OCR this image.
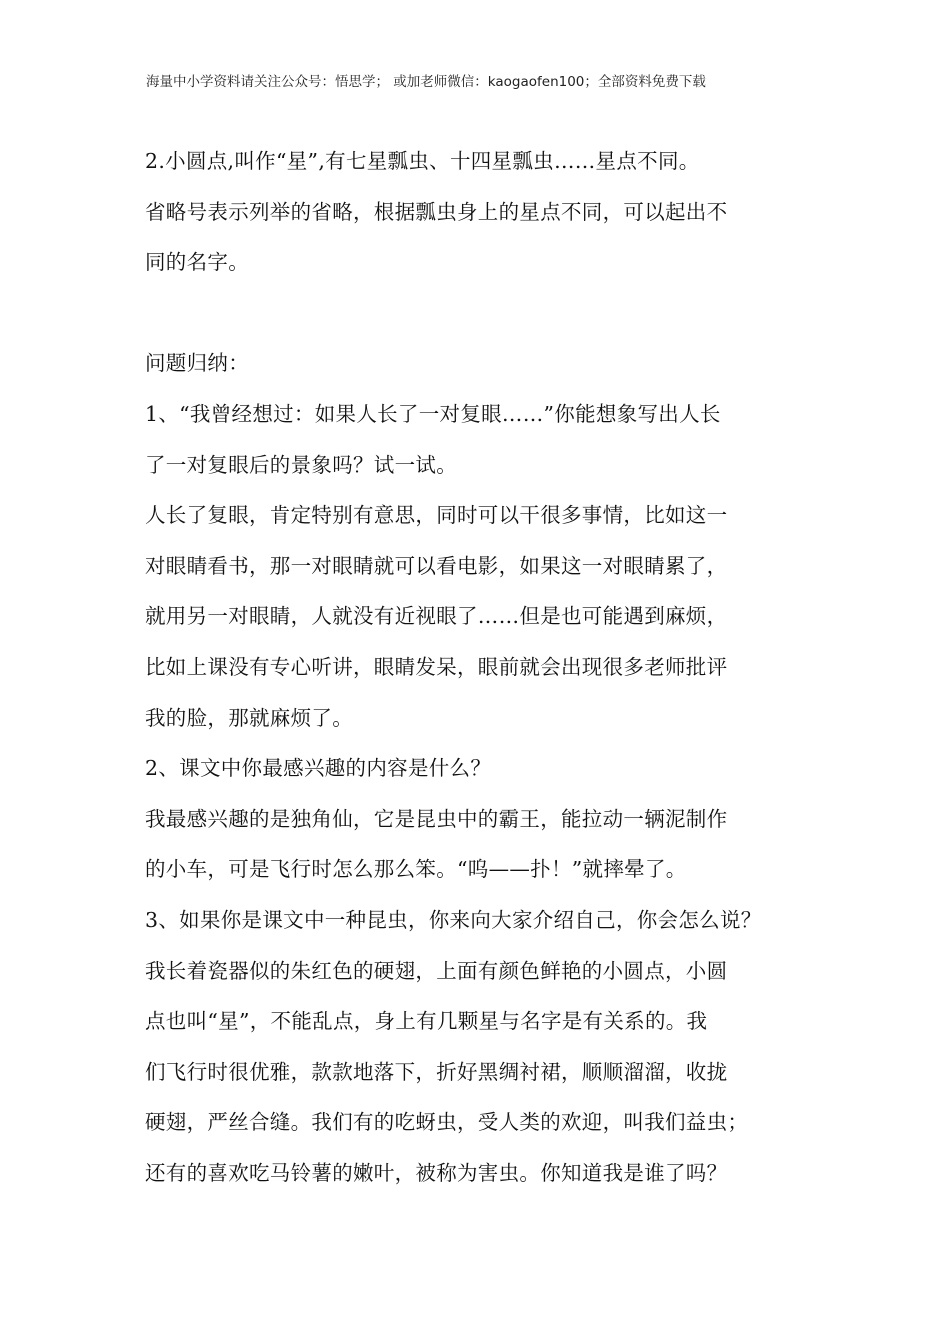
海量中小学资料请关注公众号：悟思学； 或加老师微信：kaogaofen100；全部资料免费下载
2.小圆点,叫作“星”,有七星瓢虫、十四星瓢虫……星点不同。
省略号表示列举的省略，根据瓢虫身上的星点不同，可以起出不
同的名字。
问题归纳：
1、“我曾经想过：如果人长了一对复眼……”你能想象写出人长
了一对复眼后的景象吗？试一试。
人长了复眼，肯定特别有意思，同时可以干很多事情，比如这一
对眼睛看书，那一对眼睛就可以看电影，如果这一对眼睛累了，
就用另一对眼睛，人就没有近视眼了……但是也可能遇到麻烦，
比如上课没有专心听讲，眼睛发呆，眼前就会出现很多老师批评
我的脸，那就麻烦了。
2、课文中你最感兴趣的内容是什么？
我最感兴趣的是独角仙，它是昆虫中的霸王，能拉动一辆泥制作
的小车，可是飞行时怎么那么笨。“呜——扑！”就摔晕了。
3、如果你是课文中一种昆虫，你来向大家介绍自己，你会怎么说？
我长着瓷器似的朱红色的硬翅，上面有颜色鲜艳的小圆点，小圆
点也叫“星”，不能乱点，身上有几颗星与名字是有关系的。我
们飞行时很优雅，款款地落下，折好黑绸衬裙，顺顺溜溜，收拢
硬翅，严丝合缝。我们有的吃蚜虫，受人类的欢迎，叫我们益虫；
还有的喜欢吃马铃薯的嫩叶，被称为害虫。你知道我是谁了吗？
